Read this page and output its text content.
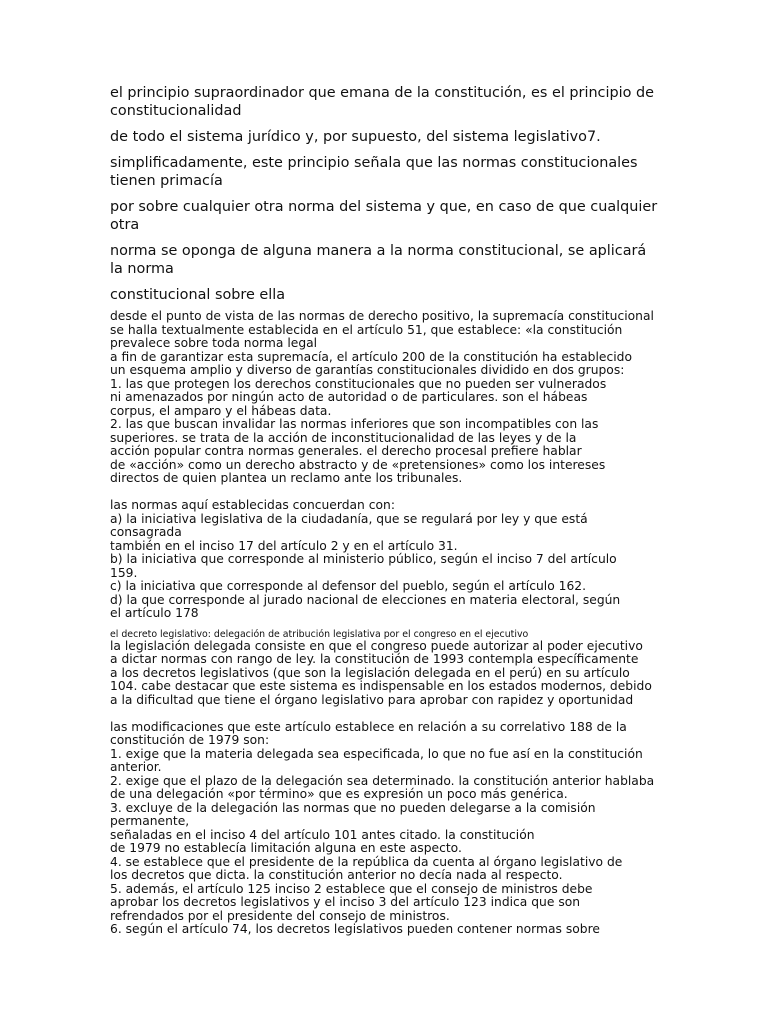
el principio supraordinador que emana de la constitución, es el principio de constitucionalidad

de todo el sistema jurídico y, por supuesto, del sistema legislativo7.

simplificadamente, este principio señala que las normas constitucionales tienen primacía

por sobre cualquier otra norma del sistema y que, en caso de que cualquier otra

norma se oponga de alguna manera a la norma constitucional, se aplicará la norma

constitucional sobre ella

desde el punto de vista de las normas de derecho positivo, la supremacía constitucional
se halla textualmente establecida en el artículo 51, que establece: «la constitución
prevalece sobre toda norma legal
a fin de garantizar esta supremacía, el artículo 200 de la constitución ha establecido
un esquema amplio y diverso de garantías constitucionales dividido en dos grupos:
1. las que protegen los derechos constitucionales que no pueden ser vulnerados
ni amenazados por ningún acto de autoridad o de particulares. son el hábeas
corpus, el amparo y el hábeas data.
2. las que buscan invalidar las normas inferiores que son incompatibles con las
superiores. se trata de la acción de inconstitucionalidad de las leyes y de la
acción popular contra normas generales. el derecho procesal prefiere hablar
de «acción» como un derecho abstracto y de «pretensiones» como los intereses
directos de quien plantea un reclamo ante los tribunales.
las normas aquí establecidas concuerdan con:
a) la iniciativa legislativa de la ciudadanía, que se regulará por ley y que está
consagrada
también en el inciso 17 del artículo 2 y en el artículo 31.
b) la iniciativa que corresponde al ministerio público, según el inciso 7 del artículo
159.
c) la iniciativa que corresponde al defensor del pueblo, según el artículo 162.
d) la que corresponde al jurado nacional de elecciones en materia electoral, según
el artículo 178

el decreto legislativo: delegación de atribución legislativa por el congreso en el ejecutivo

la legislación delegada consiste en que el congreso puede autorizar al poder ejecutivo
a dictar normas con rango de ley. la constitución de 1993 contempla específicamente
a los decretos legislativos (que son la legislación delegada en el perú) en su artículo
104. cabe destacar que este sistema es indispensable en los estados modernos, debido
a la dificultad que tiene el órgano legislativo para aprobar con rapidez y oportunidad
las modificaciones que este artículo establece en relación a su correlativo 188 de la
constitución de 1979 son:
1. exige que la materia delegada sea especificada, lo que no fue así en la constitución
anterior.
2. exige que el plazo de la delegación sea determinado. la constitución anterior hablaba
de una delegación «por término» que es expresión un poco más genérica.
3. excluye de la delegación las normas que no pueden delegarse a la comisión
permanente,
señaladas en el inciso 4 del artículo 101 antes citado. la constitución
de 1979 no establecía limitación alguna en este aspecto.
4. se establece que el presidente de la república da cuenta al órgano legislativo de
los decretos que dicta. la constitución anterior no decía nada al respecto.
5. además, el artículo 125 inciso 2 establece que el consejo de ministros debe
aprobar los decretos legislativos y el inciso 3 del artículo 123 indica que son
refrendados por el presidente del consejo de ministros.
6. según el artículo 74, los decretos legislativos pueden contener normas sobre
